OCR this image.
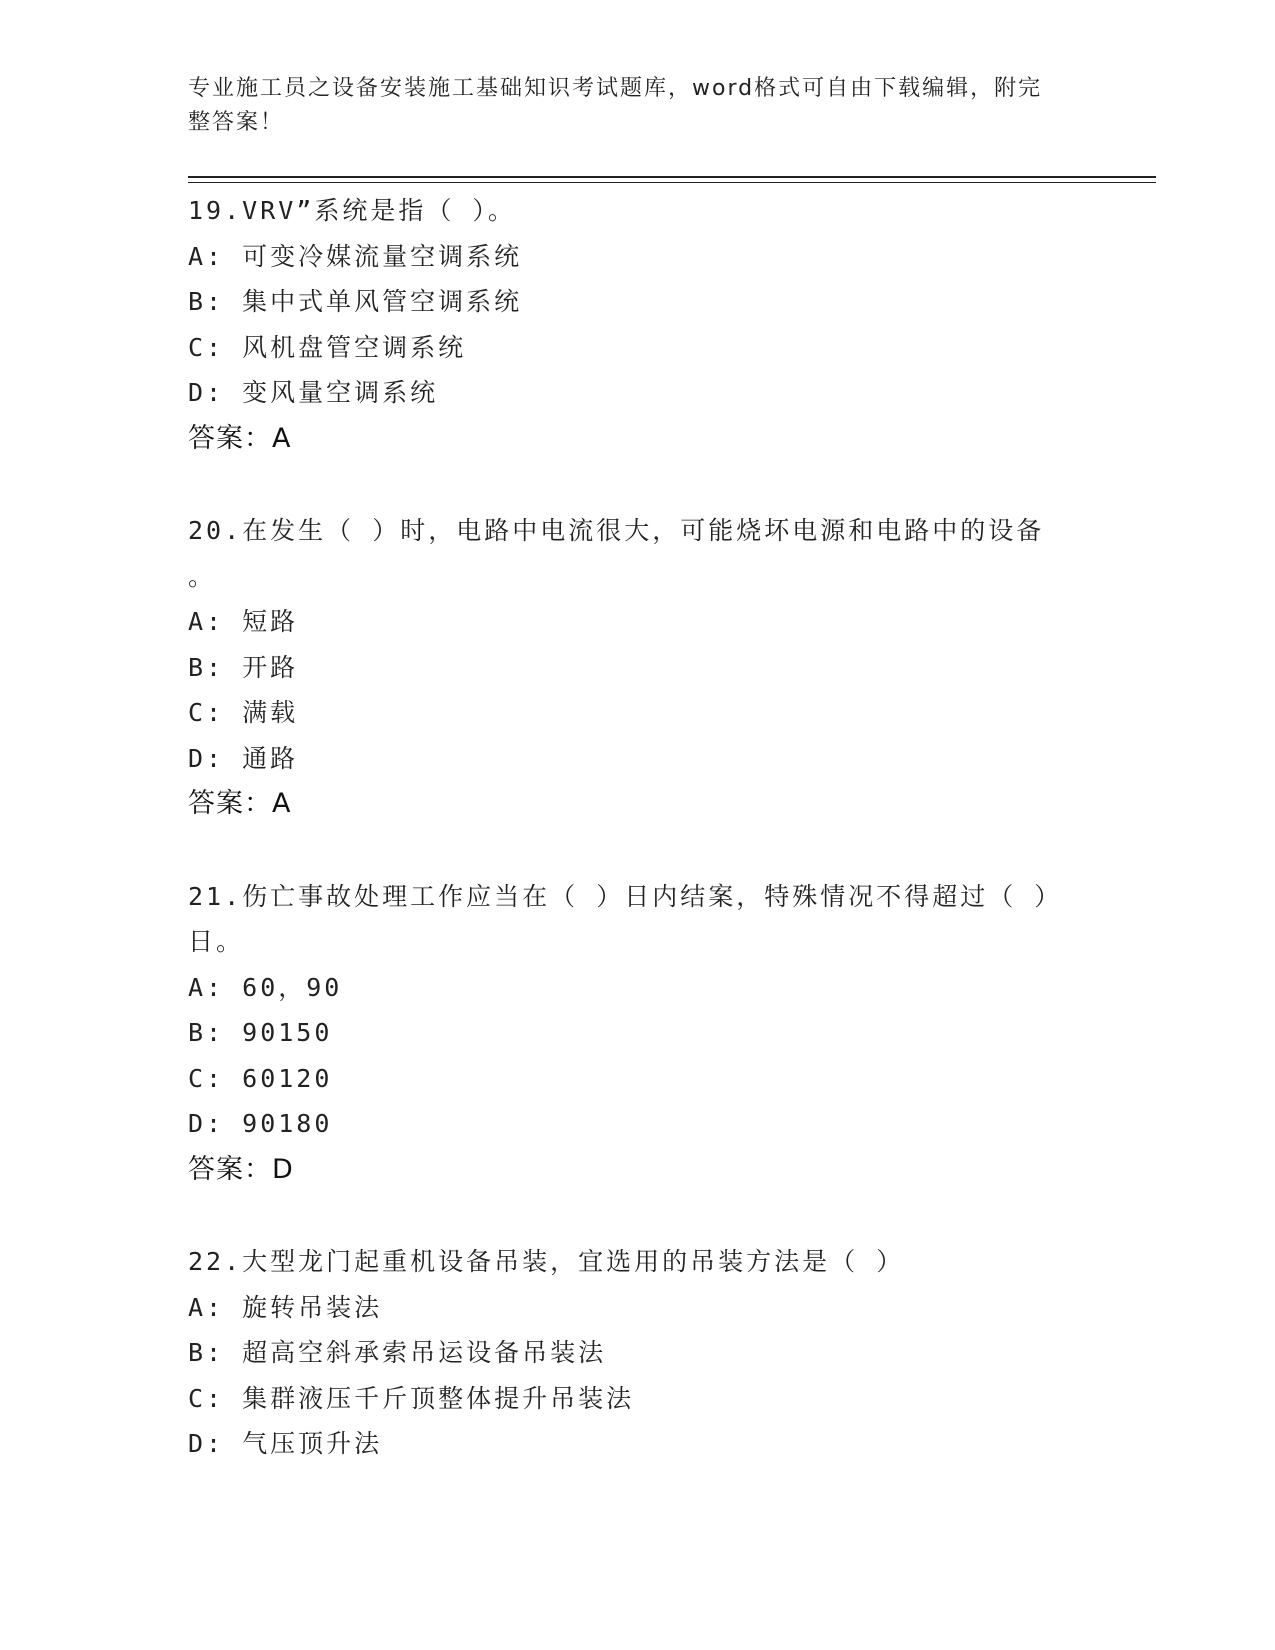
专业施工员之设备安装施工基础知识考试题库，word格式可自由下载编辑，附完
整答案！
19.VRV”系统是指（ ）。
A: 可变冷媒流量空调系统
B: 集中式单风管空调系统
C: 风机盘管空调系统
D: 变风量空调系统
答案：A
20.在发生（ ）时，电路中电流很大，可能烧坏电源和电路中的设备
。
A: 短路
B: 开路
C: 满载
D: 通路
答案：A
21.伤亡事故处理工作应当在（ ）日内结案，特殊情况不得超过（ ）
日。
A: 60，90
B: 90150
C: 60120
D: 90180
答案：D
22.大型龙门起重机设备吊装，宜选用的吊装方法是（ ）
A: 旋转吊装法
B: 超高空斜承索吊运设备吊装法
C: 集群液压千斤顶整体提升吊装法
D: 气压顶升法
